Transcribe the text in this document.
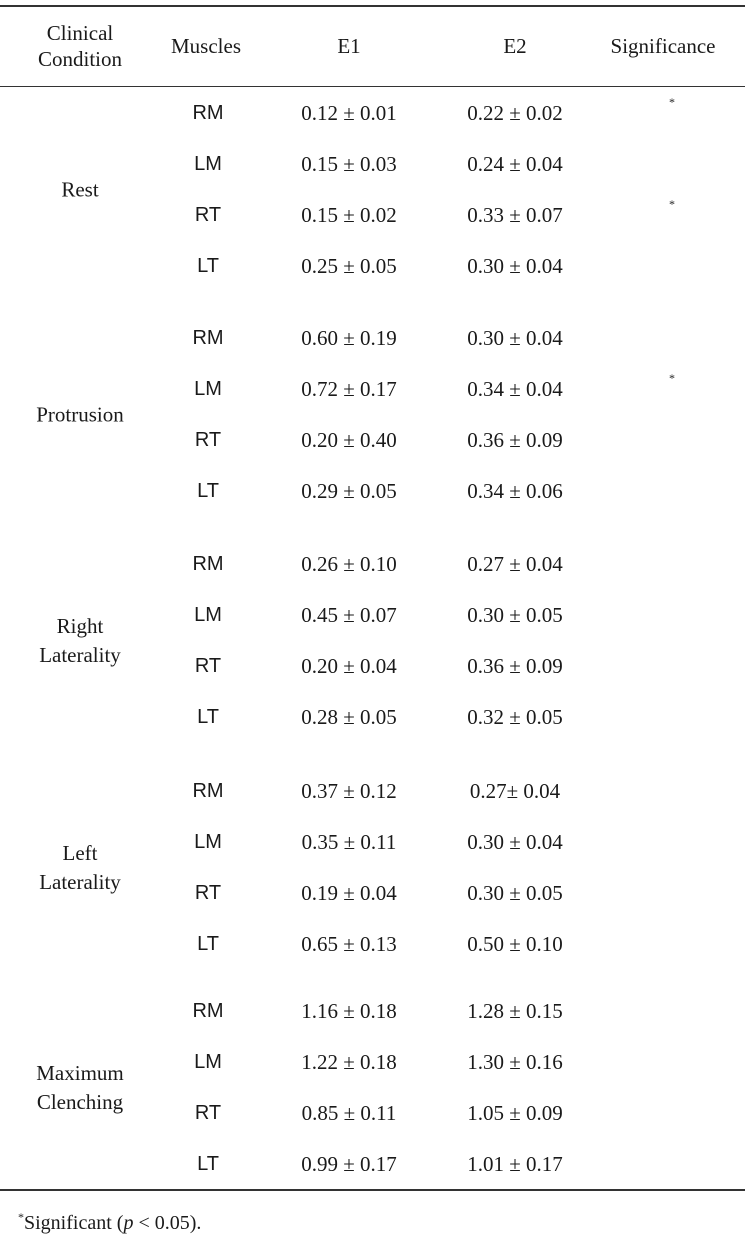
Clinical
Condition
Muscles	E1	E2	Significance
Rest
RM	0.12 ± 0.01	0.22 ± 0.02	*
LM	0.15 ± 0.03	0.24 ± 0.04
RT	0.15 ± 0.02	0.33 ± 0.07	*
LT	0.25 ± 0.05	0.30 ± 0.04
Protrusion
RM	0.60 ± 0.19	0.30 ± 0.04
LM	0.72 ± 0.17	0.34 ± 0.04	*
RT	0.20 ± 0.40	0.36 ± 0.09
LT	0.29 ± 0.05	0.34 ± 0.06
Right
Laterality
RM	0.26 ± 0.10	0.27 ± 0.04
LM	0.45 ± 0.07	0.30 ± 0.05
RT	0.20 ± 0.04	0.36 ± 0.09
LT	0.28 ± 0.05	0.32 ± 0.05
Left
Laterality
RM	0.37 ± 0.12	0.27± 0.04
LM	0.35 ± 0.11	0.30 ± 0.04
RT	0.19 ± 0.04	0.30 ± 0.05
LT	0.65 ± 0.13	0.50 ± 0.10
Maximum
Clenching
RM	1.16 ± 0.18	1.28 ± 0.15
LM	1.22 ± 0.18	1.30 ± 0.16
RT	0.85 ± 0.11	1.05 ± 0.09
LT	0.99 ± 0.17	1.01 ± 0.17
*Significant (p < 0.05).
